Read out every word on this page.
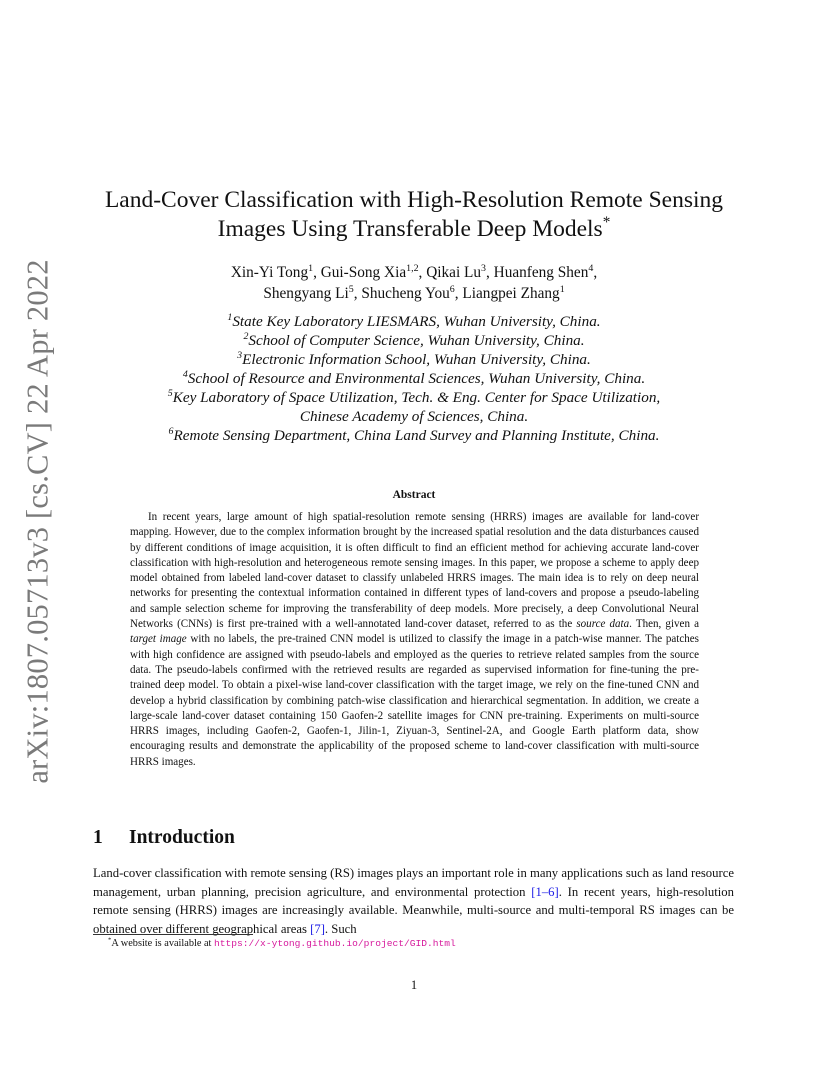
arXiv:1807.05713v3 [cs.CV] 22 Apr 2022
Land-Cover Classification with High-Resolution Remote Sensing
Images Using Transferable Deep Models*
Xin-Yi Tong$^1$, Gui-Song Xia$^{1,2}$, Qikai Lu$^3$, Huanfeng Shen$^4$,
Shengyang Li$^5$, Shucheng You$^6$, Liangpei Zhang$^1$
$^1$State Key Laboratory LIESMARS, Wuhan University, China.
$^2$School of Computer Science, Wuhan University, China.
$^3$Electronic Information School, Wuhan University, China.
$^4$School of Resource and Environmental Sciences, Wuhan University, China.
$^5$Key Laboratory of Space Utilization, Tech. & Eng. Center for Space Utilization,
Chinese Academy of Sciences, China.
$^6$Remote Sensing Department, China Land Survey and Planning Institute, China.
Abstract
In recent years, large amount of high spatial-resolution remote sensing (HRRS) images are available for land-cover mapping. However, due to the complex information brought by the increased spatial resolution and the data disturbances caused by different conditions of image acquisition, it is often difficult to find an efficient method for achieving accurate land-cover classification with high-resolution and heterogeneous remote sensing images. In this paper, we propose a scheme to apply deep model obtained from labeled land-cover dataset to classify unlabeled HRRS images. The main idea is to rely on deep neural networks for presenting the contextual information contained in different types of land-covers and propose a pseudo-labeling and sample selection scheme for improving the transferability of deep models. More precisely, a deep Convolutional Neural Networks (CNNs) is first pre-trained with a well-annotated land-cover dataset, referred to as the source data. Then, given a target image with no labels, the pre-trained CNN model is utilized to classify the image in a patch-wise manner. The patches with high confidence are assigned with pseudo-labels and employed as the queries to retrieve related samples from the source data. The pseudo-labels confirmed with the retrieved results are regarded as supervised information for fine-tuning the pre-trained deep model. To obtain a pixel-wise land-cover classification with the target image, we rely on the fine-tuned CNN and develop a hybrid classification by combining patch-wise classification and hierarchical segmentation. In addition, we create a large-scale land-cover dataset containing 150 Gaofen-2 satellite images for CNN pre-training. Experiments on multi-source HRRS images, including Gaofen-2, Gaofen-1, Jilin-1, Ziyuan-3, Sentinel-2A, and Google Earth platform data, show encouraging results and demonstrate the applicability of the proposed scheme to land-cover classification with multi-source HRRS images.
1 Introduction
Land-cover classification with remote sensing (RS) images plays an important role in many applications such as land resource management, urban planning, precision agriculture, and environmental protection [1–6]. In recent years, high-resolution remote sensing (HRRS) images are increasingly available. Meanwhile, multi-source and multi-temporal RS images can be obtained over different geographical areas [7]. Such
*A website is available at https://x-ytong.github.io/project/GID.html
1
